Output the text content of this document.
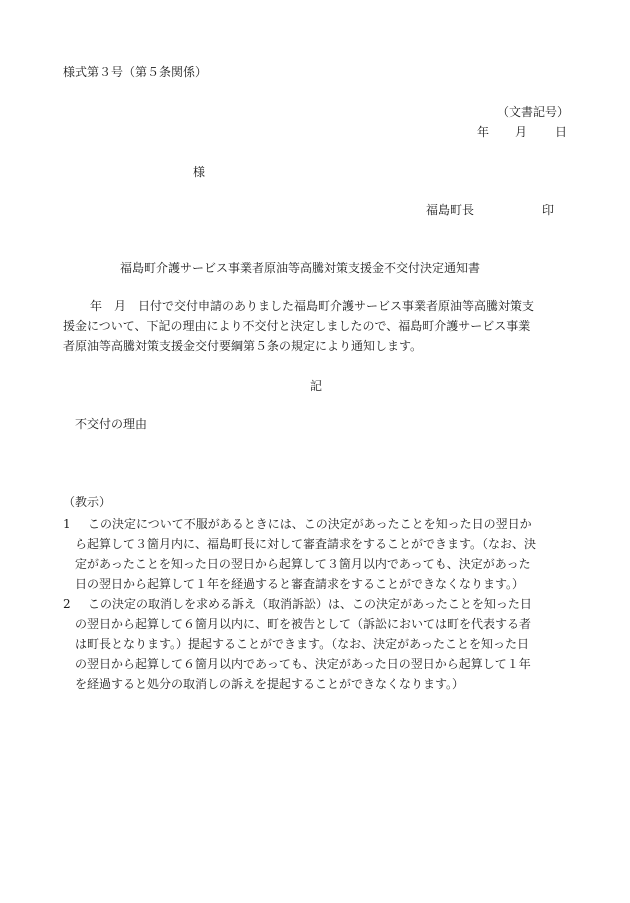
様式第３号（第５条関係）
（文書記号）
年 月 日
様
福島町長	印
福島町介護サービス事業者原油等高騰対策支援金不交付決定通知書

年　月　日付で交付申請のありました福島町介護サービス事業者原油等高騰対策支

援金について、下記の理由により不交付と決定しましたので、福島町介護サービス事業

者原油等高騰対策支援金交付要綱第５条の規定により通知します。

記
不交付の理由
（教示）
1	この決定について不服があるときには、この決定があったことを知った日の翌日か
ら起算して３箇月内に、福島町長に対して審査請求をすることができます。（なお、決
定があったことを知った日の翌日から起算して３箇月以内であっても、決定があった
日の翌日から起算して１年を経過すると審査請求をすることができなくなります。）
2	この決定の取消しを求める訴え（取消訴訟）は、この決定があったことを知った日
の翌日から起算して６箇月以内に、町を被告として（訴訟においては町を代表する者
は町長となります。）提起することができます。（なお、決定があったことを知った日
の翌日から起算して６箇月以内であっても、決定があった日の翌日から起算して１年
を経過すると処分の取消しの訴えを提起することができなくなります。）
